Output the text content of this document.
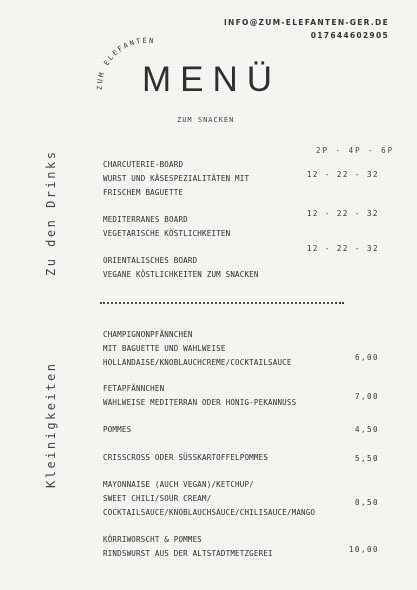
INFO@ZUM-ELEFANTEN-GER.DE
017644602905
ZUM ELEFANTEN
MENÜ
ZUM SNACKEN
Zu den Drinks
Kleinigkeiten
2P - 4P - 6P
CHARCUTERIE-BOARD
WURST UND KÄSESPEZIALITÄTEN MIT
FRISCHEM BAGUETTE
12 - 22 - 32
MEDITERRANES BOARD
VEGETARISCHE KÖSTLICHKEITEN
12 - 22 - 32
ORIENTALISCHES BOARD
VEGANE KÖSTLICHKEITEN ZUM SNACKEN
12 - 22 - 32
CHAMPIGNONPFÄNNCHEN
MIT BAGUETTE UND WAHLWEISE
HOLLANDAISE/KNOBLAUCHCREME/COCKTAILSAUCE
6,00
FETAPFÄNNCHEN
WAHLWEISE MEDITERRAN ODER HONIG-PEKANNUSS
7,00
POMMES	4,50
CRISSCROSS ODER SÜSSKARTOFFELPOMMES	5,50
MAYONNAISE (AUCH VEGAN)/KETCHUP/
SWEET CHILI/SOUR CREAM/
COCKTAILSAUCE/KNOBLAUCHSAUCE/CHILISAUCE/MANGO
0,50
KÖRRIWORSCHT & POMMES
RINDSWURST AUS DER ALTSTADTMETZGEREI	10,00
